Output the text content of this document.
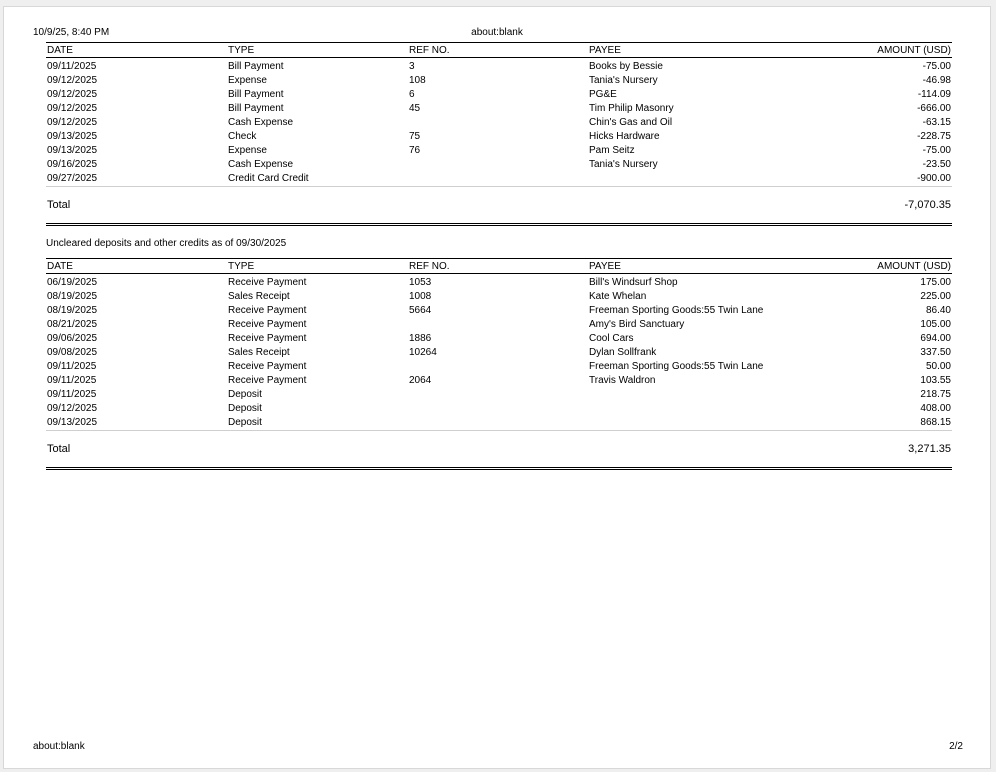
10/9/25, 8:40 PM	about:blank
DATE	TYPE	REF NO.	PAYEE	AMOUNT (USD)
09/11/2025	Bill Payment	3	Books by Bessie	-75.00
09/12/2025	Expense	108	Tania's Nursery	-46.98
09/12/2025	Bill Payment	6	PG&E	-114.09
09/12/2025	Bill Payment	45	Tim Philip Masonry	-666.00
09/12/2025	Cash Expense		Chin's Gas and Oil	-63.15
09/13/2025	Check	75	Hicks Hardware	-228.75
09/13/2025	Expense	76	Pam Seitz	-75.00
09/16/2025	Cash Expense		Tania's Nursery	-23.50
09/27/2025	Credit Card Credit			-900.00
Total	-7,070.35
Uncleared deposits and other credits as of 09/30/2025
DATE	TYPE	REF NO.	PAYEE	AMOUNT (USD)
06/19/2025	Receive Payment	1053	Bill's Windsurf Shop	175.00
08/19/2025	Sales Receipt	1008	Kate Whelan	225.00
08/19/2025	Receive Payment	5664	Freeman Sporting Goods:55 Twin Lane	86.40
08/21/2025	Receive Payment		Amy's Bird Sanctuary	105.00
09/06/2025	Receive Payment	1886	Cool Cars	694.00
09/08/2025	Sales Receipt	10264	Dylan Sollfrank	337.50
09/11/2025	Receive Payment		Freeman Sporting Goods:55 Twin Lane	50.00
09/11/2025	Receive Payment	2064	Travis Waldron	103.55
09/11/2025	Deposit			218.75
09/12/2025	Deposit			408.00
09/13/2025	Deposit			868.15
Total	3,271.35
about:blank	2/2
